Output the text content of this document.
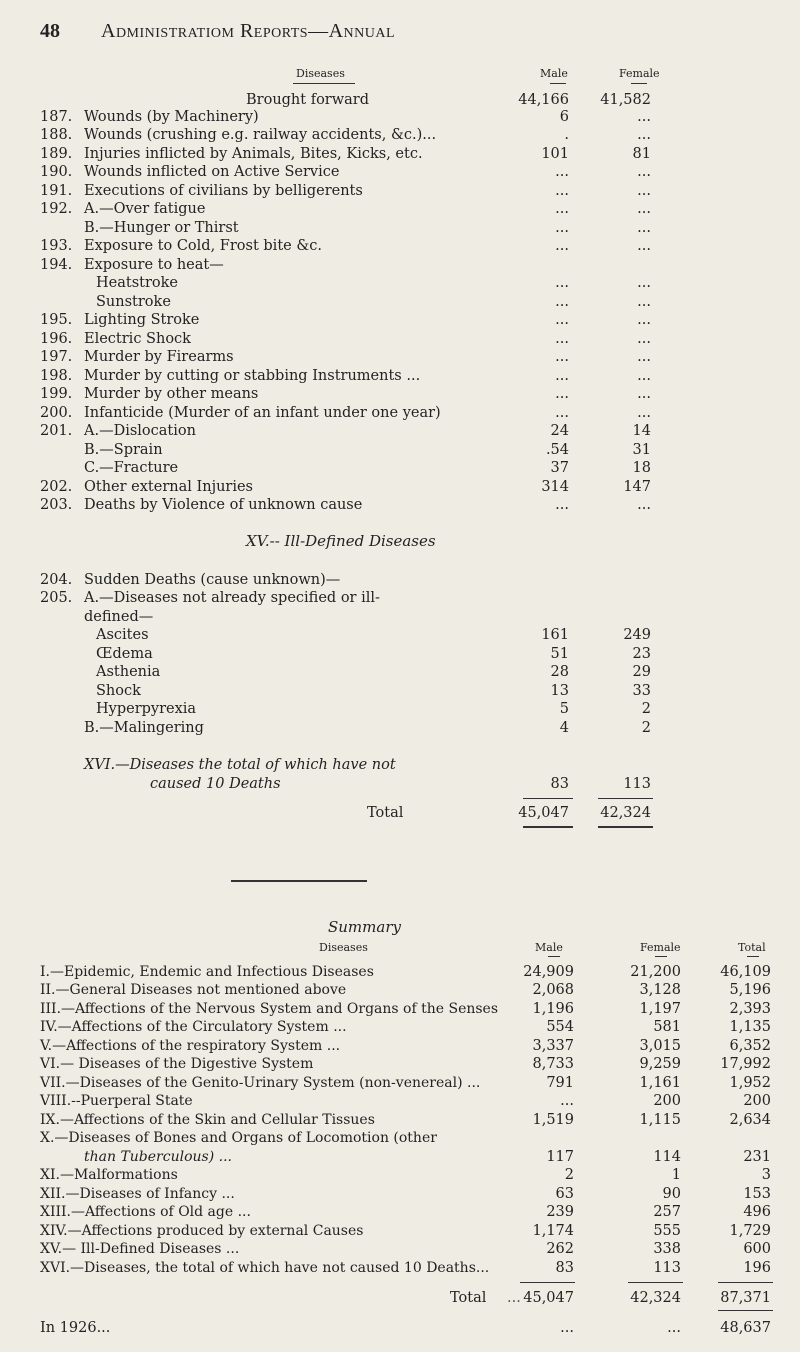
48 Administratiom Reports—Annual
Diseases	Male	Female
Brought forward	44,166	41,582
187. Wounds (by Machinery)	6	...
188. Wounds (crushing e.g. railway accidents, &c.)...	.	...
189. Injuries inflicted by Animals, Bites, Kicks, etc.	101	81
190. Wounds inflicted on Active Service	...	...
191. Executions of civilians by belligerents	...	...
192. A.—Over fatigue	...	...
B.—Hunger or Thirst	...	...
193. Exposure to Cold, Frost bite &c.	...	...
194. Exposure to heat—
Heatstroke	...	...
Sunstroke	...	...
195. Lighting Stroke	...	...
196. Electric Shock	...	...
197. Murder by Firearms	...	...
198. Murder by cutting or stabbing Instruments ...	...	...
199. Murder by other means	...	...
200. Infanticide (Murder of an infant under one year)	...	...
201. A.—Dislocation	24	14
B.—Sprain	.54	31
C.—Fracture	37	18
202. Other external Injuries	314	147
203. Deaths by Violence of unknown cause	...	...
XV.-- Ill-Defined Diseases
204. Sudden Deaths (cause unknown)—
205. A.—Diseases not already specified or ill-
defined—
Ascites	161	249
Œdema	51	23
Asthenia	28	29
Shock	13	33
Hyperpyrexia	5	2
B.—Malingering	4	2
XVI.—Diseases the total of which have not
caused 10 Deaths	83	113
Total	45,047	42,324
Summary
Diseases	Male	Female	Total
I.—Epidemic, Endemic and Infectious Diseases	24,909	21,200	46,109
II.—General Diseases not mentioned above	2,068	3,128	5,196
III.—Affections of the Nervous System and Organs of the Senses	1,196	1,197	2,393
IV.—Affections of the Circulatory System ...	554	581	1,135
V.—Affections of the respiratory System ...	3,337	3,015	6,352
VI.— Diseases of the Digestive System	8,733	9,259	17,992
VII.—Diseases of the Genito-Urinary System (non-venereal) ...	791	1,161	1,952
VIII.--Puerperal State	...	200	200
IX.—Affections of the Skin and Cellular Tissues	1,519	1,115	2,634
X.—Diseases of Bones and Organs of Locomotion (other
than Tuberculous) ...	117	114	231
XI.—Malformations	2	1	3
XII.—Diseases of Infancy ...	63	90	153
XIII.—Affections of Old age ...	239	257	496
XIV.—Affections produced by external Causes	1,174	555	1,729
XV.— Ill-Defined Diseases ...	262	338	600
XVI.—Diseases, the total of which have not caused 10 Deaths...	83	113	196
Total ... 45,047	42,324	87,371
In 1926...	...	...	48,637
